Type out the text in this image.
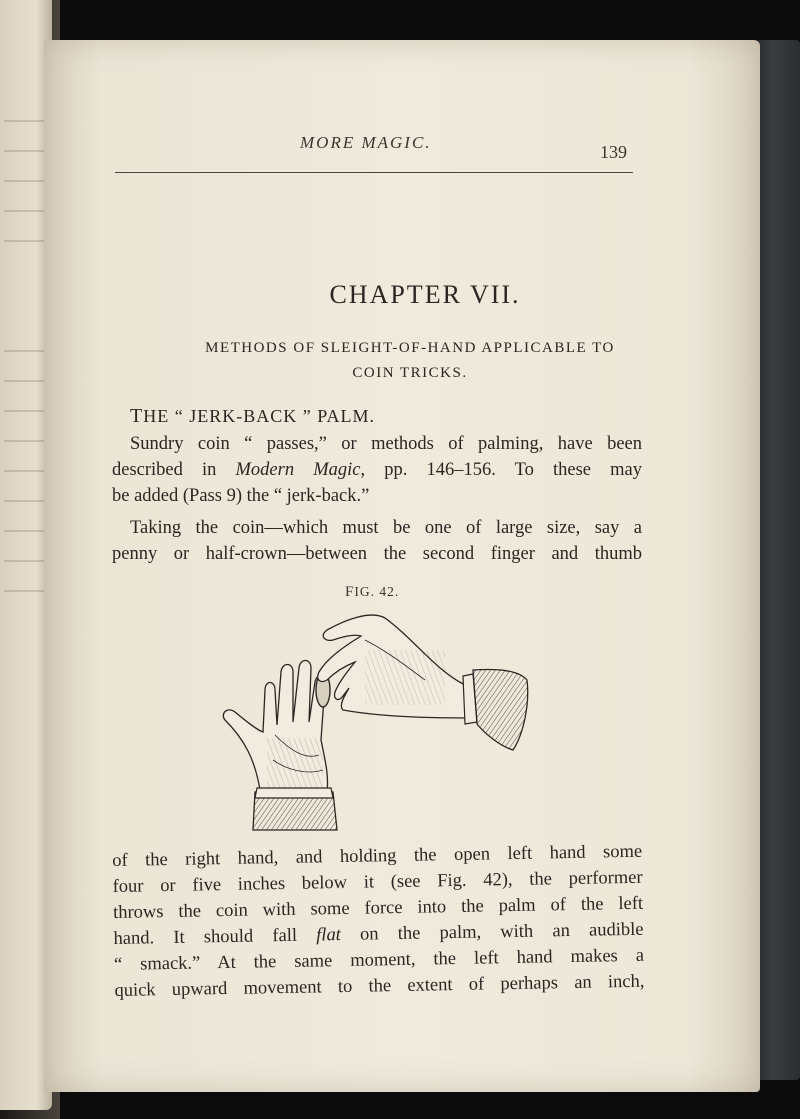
MORE MAGIC.	139
CHAPTER VII.
METHODS OF SLEIGHT-OF-HAND APPLICABLE TO
COIN TRICKS.
THE “ JERK-BACK ” PALM.
Sundry coin “ passes,” or methods of palming, have been
described in Modern Magic, pp. 146–156. To these may
be added (Pass 9) the “ jerk-back.”
Taking the coin—which must be one of large size, say a
penny or half-crown—between the second finger and thumb
FIG. 42.
of the right hand, and holding the open left hand some
four or five inches below it (see Fig. 42), the performer
throws the coin with some force into the palm of the left
hand. It should fall flat on the palm, with an audible
“ smack.” At the same moment, the left hand makes a
quick upward movement to the extent of perhaps an inch,
